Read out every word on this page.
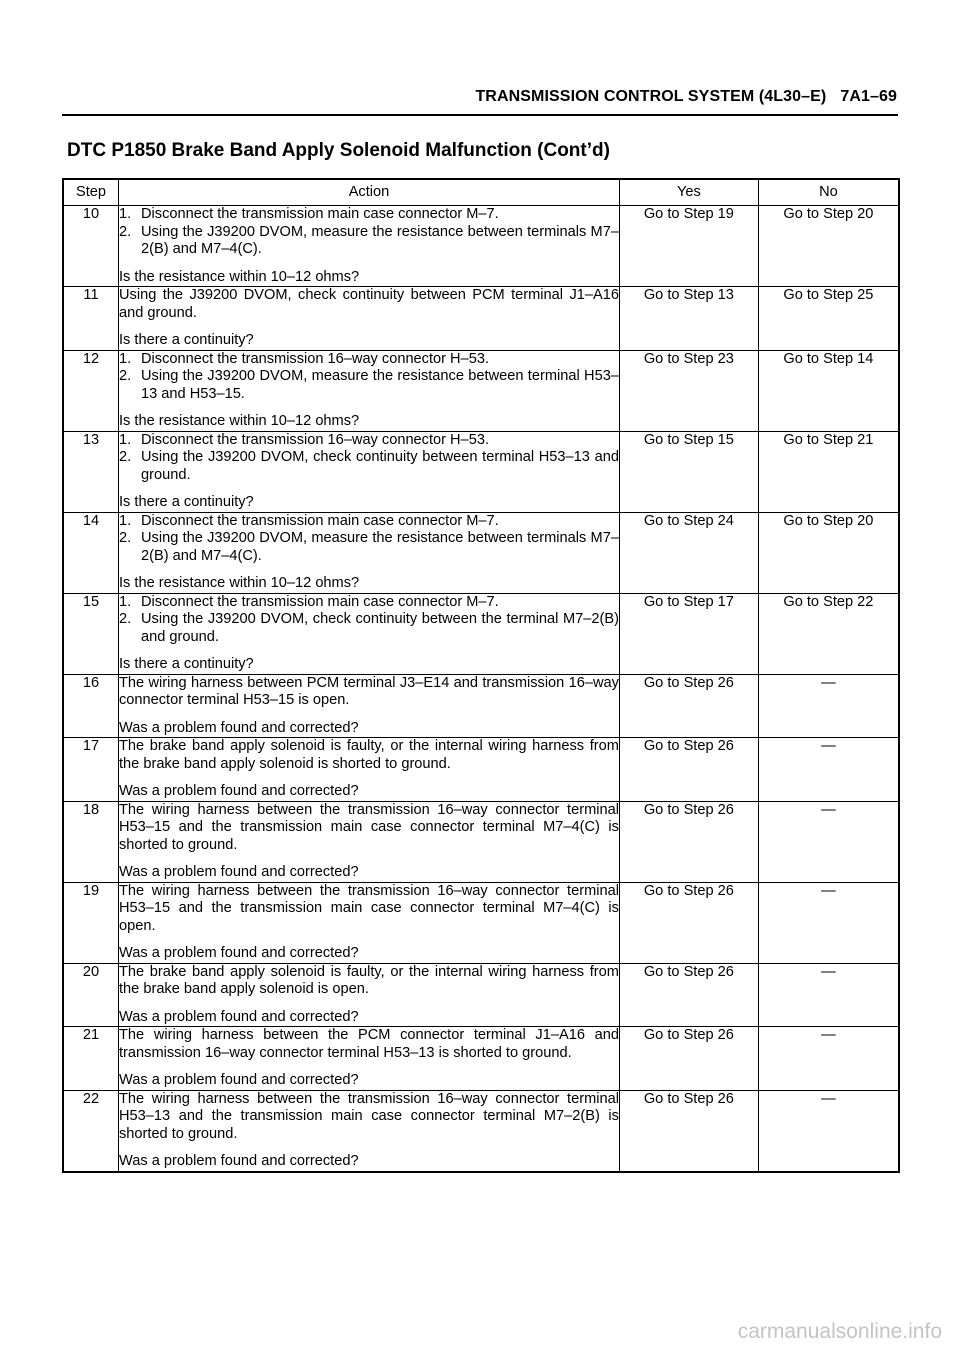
TRANSMISSION CONTROL SYSTEM (4L30–E) 7A1–69
DTC P1850 Brake Band Apply Solenoid Malfunction (Cont’d)
Step	Action	Yes	No
10	1. Disconnect the transmission main case connector M–7.
2. Using the J39200 DVOM, measure the resistance between terminals M7–2(B) and M7–4(C).
Is the resistance within 10–12 ohms?	Go to Step 19	Go to Step 20
11	Using the J39200 DVOM, check continuity between PCM terminal J1–A16 and ground.
Is there a continuity?	Go to Step 13	Go to Step 25
12	1. Disconnect the transmission 16–way connector H–53.
2. Using the J39200 DVOM, measure the resistance between terminal H53–13 and H53–15.
Is the resistance within 10–12 ohms?	Go to Step 23	Go to Step 14
13	1. Disconnect the transmission 16–way connector H–53.
2. Using the J39200 DVOM, check continuity between terminal H53–13 and ground.
Is there a continuity?	Go to Step 15	Go to Step 21
14	1. Disconnect the transmission main case connector M–7.
2. Using the J39200 DVOM, measure the resistance between terminals M7–2(B) and M7–4(C).
Is the resistance within 10–12 ohms?	Go to Step 24	Go to Step 20
15	1. Disconnect the transmission main case connector M–7.
2. Using the J39200 DVOM, check continuity between the terminal M7–2(B) and ground.
Is there a continuity?	Go to Step 17	Go to Step 22
16	The wiring harness between PCM terminal J3–E14 and transmission 16–way connector terminal H53–15 is open.
Was a problem found and corrected?	Go to Step 26	—
17	The brake band apply solenoid is faulty, or the internal wiring harness from the brake band apply solenoid is shorted to ground.
Was a problem found and corrected?	Go to Step 26	—
18	The wiring harness between the transmission 16–way connector terminal H53–15 and the transmission main case connector terminal M7–4(C) is shorted to ground.
Was a problem found and corrected?	Go to Step 26	—
19	The wiring harness between the transmission 16–way connector terminal H53–15 and the transmission main case connector terminal M7–4(C) is open.
Was a problem found and corrected?	Go to Step 26	—
20	The brake band apply solenoid is faulty, or the internal wiring harness from the brake band apply solenoid is open.
Was a problem found and corrected?	Go to Step 26	—
21	The wiring harness between the PCM connector terminal J1–A16 and transmission 16–way connector terminal H53–13 is shorted to ground.
Was a problem found and corrected?	Go to Step 26	—
22	The wiring harness between the transmission 16–way connector terminal H53–13 and the transmission main case connector terminal M7–2(B) is shorted to ground.
Was a problem found and corrected?	Go to Step 26	—
carmanualsonline.info
